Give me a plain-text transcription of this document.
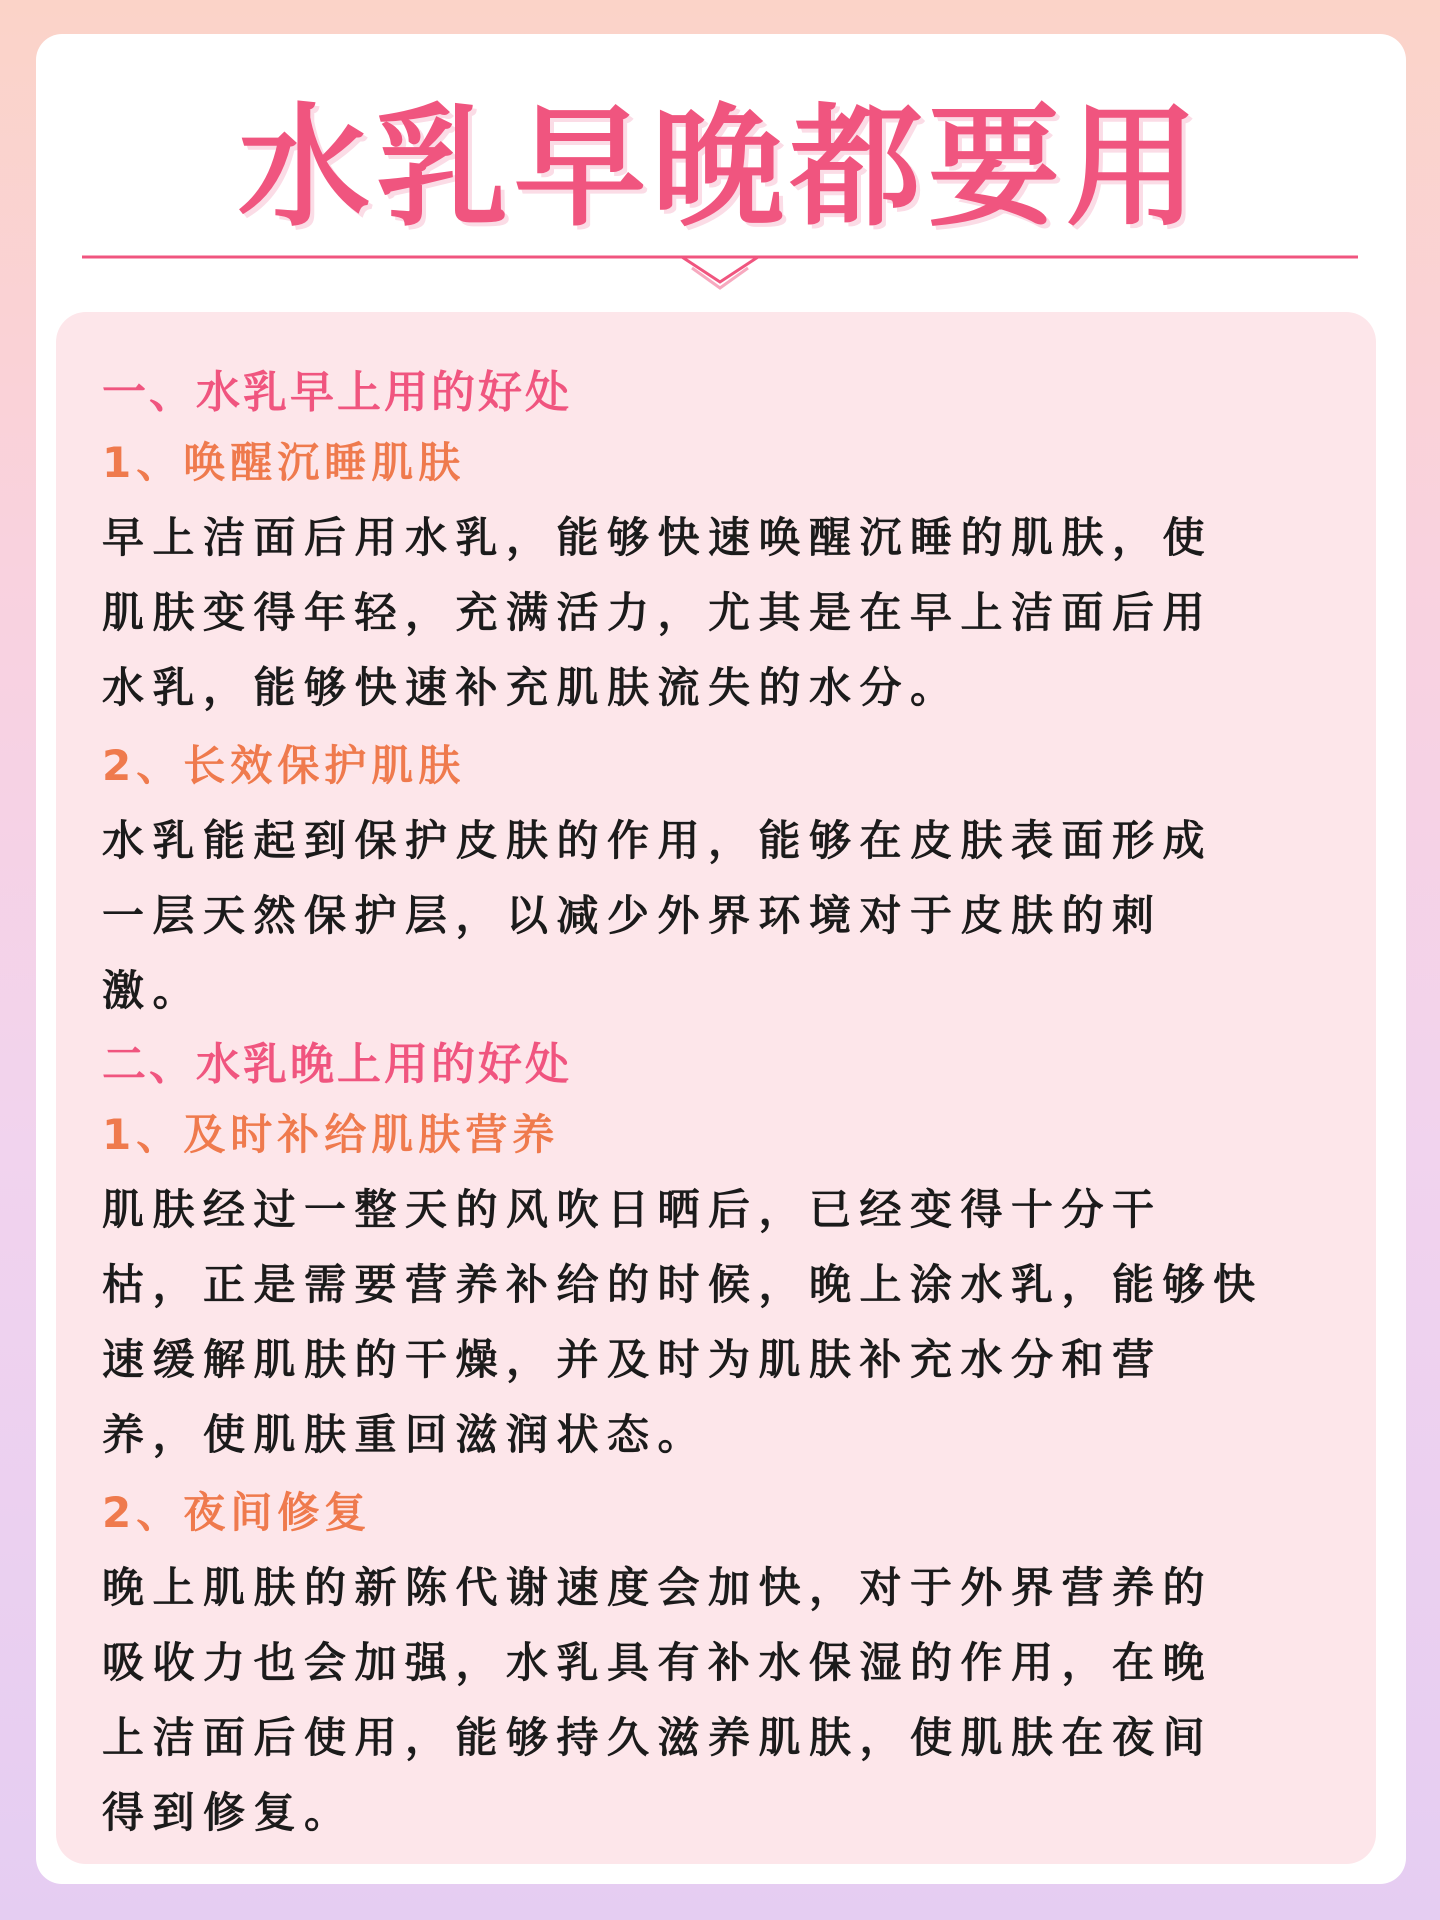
水乳早晚都要用
一、水乳早上用的好处
1、唤醒沉睡肌肤

早上洁面后用水乳，能够快速唤醒沉睡的肌肤，使
肌肤变得年轻，充满活力，尤其是在早上洁面后用
水乳，能够快速补充肌肤流失的水分。

2、长效保护肌肤

水乳能起到保护皮肤的作用，能够在皮肤表面形成
一层天然保护层，以减少外界环境对于皮肤的刺
激。

二、水乳晚上用的好处
1、及时补给肌肤营养

肌肤经过一整天的风吹日晒后，已经变得十分干
枯，正是需要营养补给的时候，晚上涂水乳，能够快
速缓解肌肤的干燥，并及时为肌肤补充水分和营
养，使肌肤重回滋润状态。

2、夜间修复

晚上肌肤的新陈代谢速度会加快，对于外界营养的
吸收力也会加强，水乳具有补水保湿的作用，在晚
上洁面后使用，能够持久滋养肌肤，使肌肤在夜间
得到修复。
